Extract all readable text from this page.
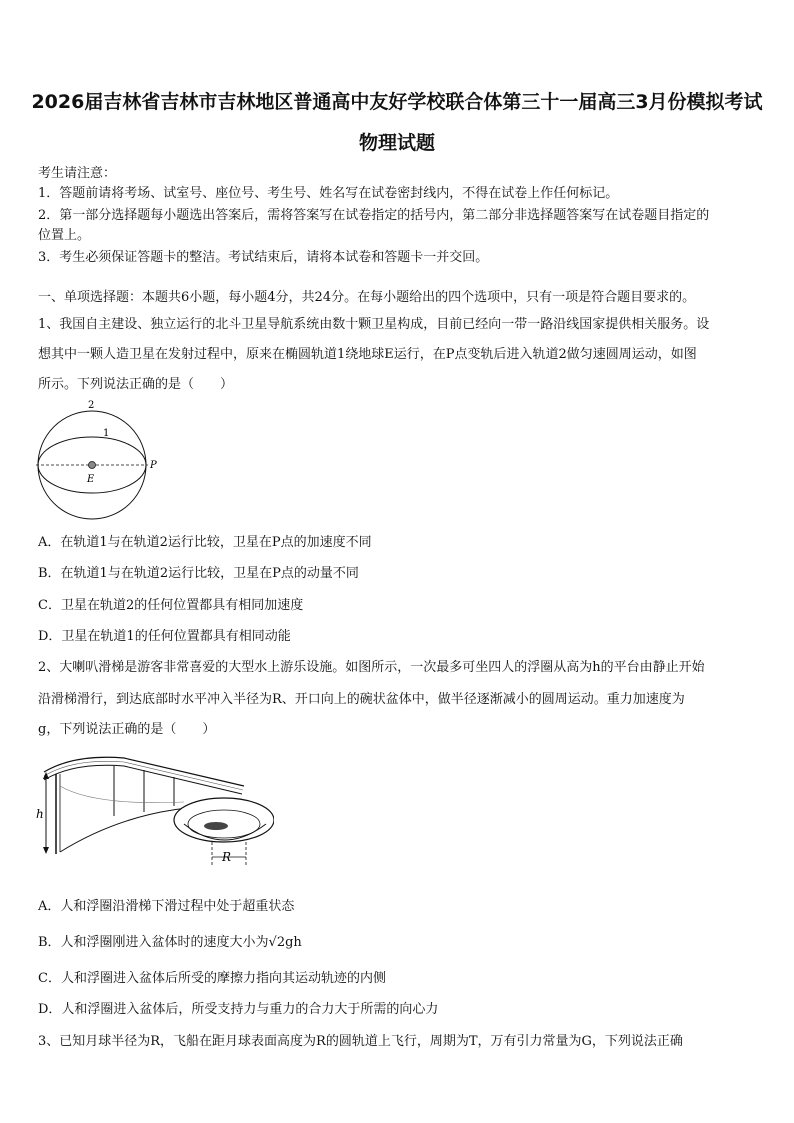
2026届吉林省吉林市吉林地区普通高中友好学校联合体第三十一届高三3月份模拟考试
物理试题
考生请注意：
1．答题前请将考场、试室号、座位号、考生号、姓名写在试卷密封线内，不得在试卷上作任何标记。
2．第一部分选择题每小题选出答案后，需将答案写在试卷指定的括号内，第二部分非选择题答案写在试卷题目指定的
位置上。
3．考生必须保证答题卡的整洁。考试结束后，请将本试卷和答题卡一并交回。
一、单项选择题：本题共6小题，每小题4分，共24分。在每小题给出的四个选项中，只有一项是符合题目要求的。
1、我国自主建设、独立运行的北斗卫星导航系统由数十颗卫星构成，目前已经向一带一路沿线国家提供相关服务。设
想其中一颗人造卫星在发射过程中，原来在椭圆轨道1绕地球E运行，在P点变轨后进入轨道2做匀速圆周运动，如图
所示。下列说法正确的是（　　）
2
1
E
P
A．在轨道1与在轨道2运行比较，卫星在P点的加速度不同
B．在轨道1与在轨道2运行比较，卫星在P点的动量不同
C．卫星在轨道2的任何位置都具有相同加速度
D．卫星在轨道1的任何位置都具有相同动能
2、大喇叭滑梯是游客非常喜爱的大型水上游乐设施。如图所示，一次最多可坐四人的浮圈从高为h的平台由静止开始
沿滑梯滑行，到达底部时水平冲入半径为R、开口向上的碗状盆体中，做半径逐渐减小的圆周运动。重力加速度为
g，下列说法正确的是（　　）
h
R
A．人和浮圈沿滑梯下滑过程中处于超重状态
B．人和浮圈刚进入盆体时的速度大小为√2gh
C．人和浮圈进入盆体后所受的摩擦力指向其运动轨迹的内侧
D．人和浮圈进入盆体后，所受支持力与重力的合力大于所需的向心力
3、已知月球半径为R，飞船在距月球表面高度为R的圆轨道上飞行，周期为T，万有引力常量为G，下列说法正确
